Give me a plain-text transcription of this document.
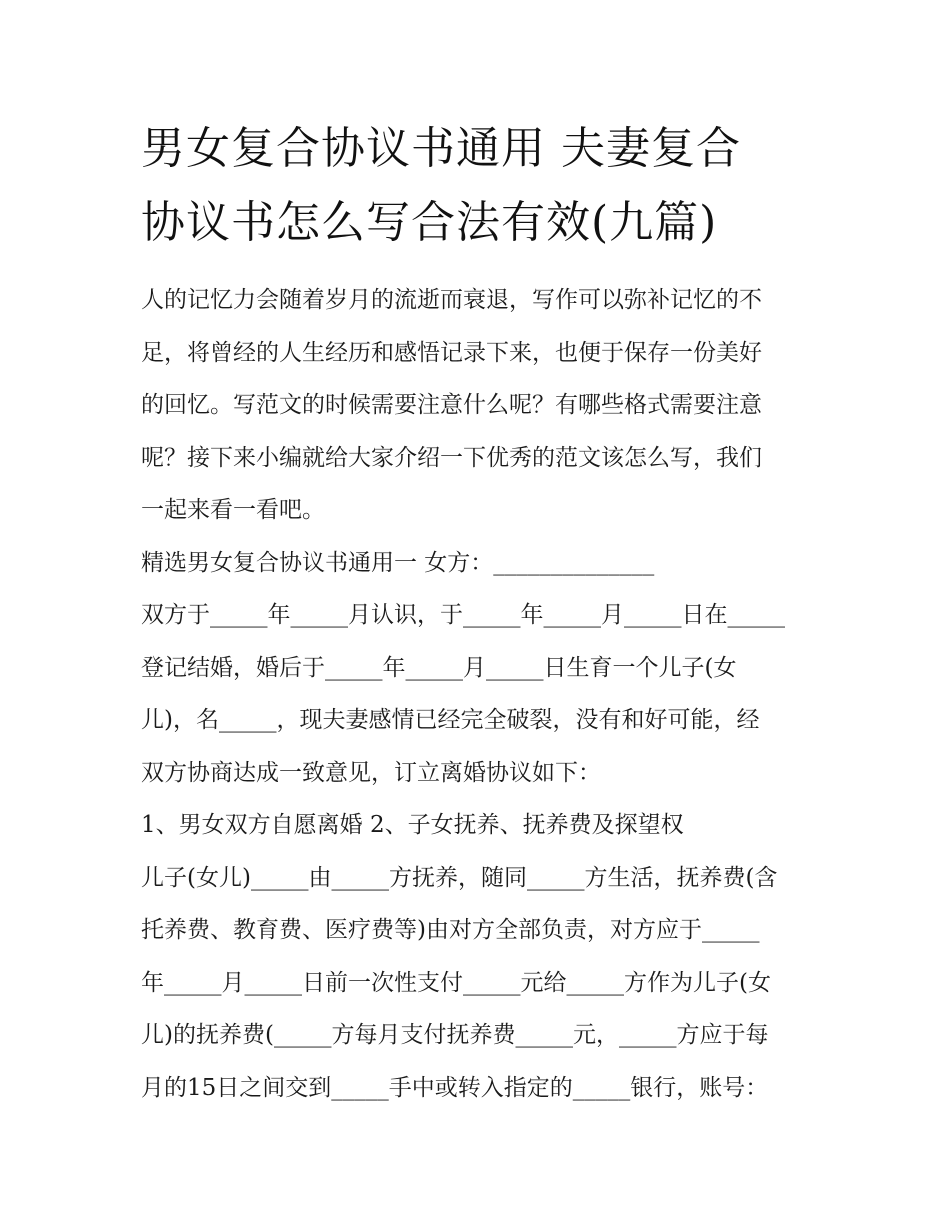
男女复合协议书通用 夫妻复合
协议书怎么写合法有效(九篇)
人的记忆力会随着岁月的流逝而衰退，写作可以弥补记忆的不
足，将曾经的人生经历和感悟记录下来，也便于保存一份美好
的回忆。写范文的时候需要注意什么呢？有哪些格式需要注意
呢？接下来小编就给大家介绍一下优秀的范文该怎么写，我们
一起来看一看吧。
精选男女复合协议书通用一 女方：______________
双方于_____年_____月认识，于_____年_____月_____日在_____
登记结婚，婚后于_____年_____月_____日生育一个儿子(女
儿)，名_____，现夫妻感情已经完全破裂，没有和好可能，经
双方协商达成一致意见，订立离婚协议如下：
1、男女双方自愿离婚 2、子女抚养、抚养费及探望权
儿子(女儿)_____由_____方抚养，随同_____方生活，抚养费(含
托养费、教育费、医疗费等)由对方全部负责，对方应于_____
年_____月_____日前一次性支付_____元给_____方作为儿子(女
儿)的抚养费(_____方每月支付抚养费_____元，_____方应于每
月的15日之间交到_____手中或转入指定的_____银行，账号：
